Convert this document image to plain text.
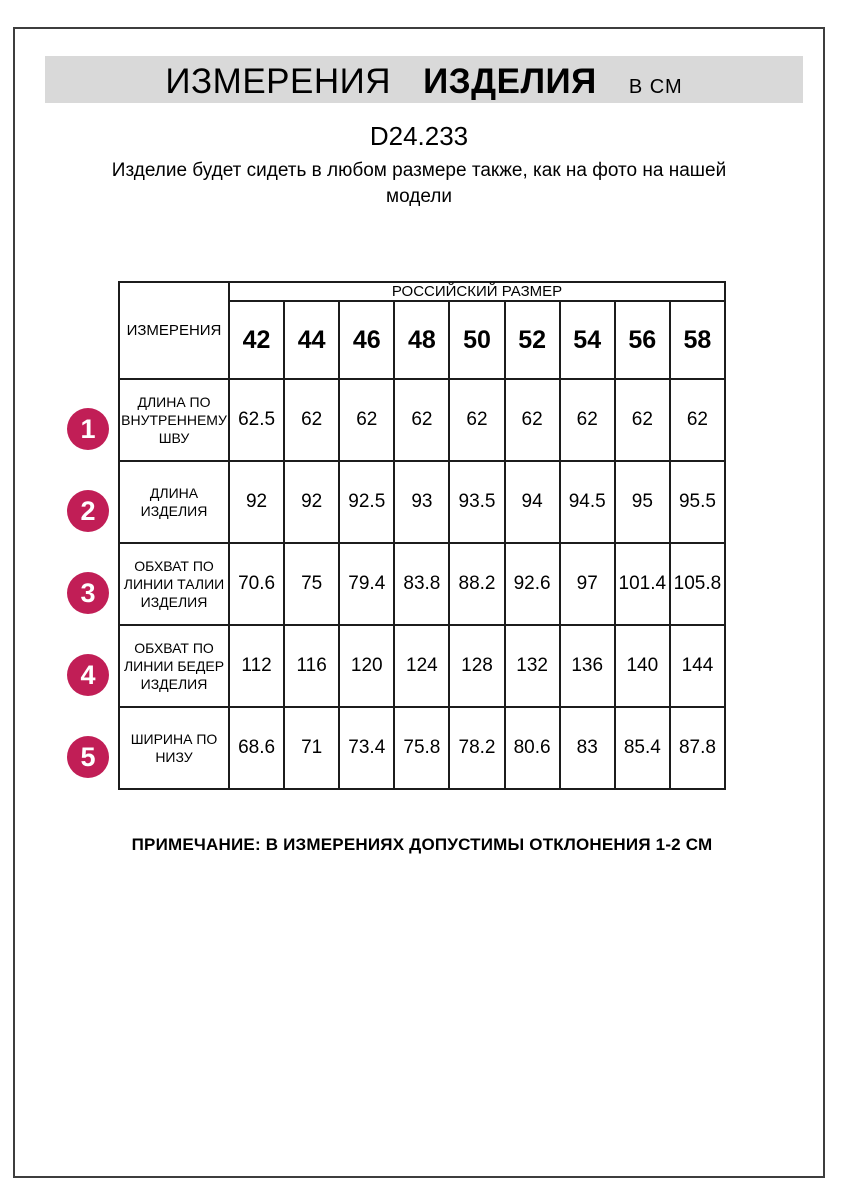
ИЗМЕРЕНИЯ ИЗДЕЛИЯ В СМ
D24.233
Изделие будет сидеть в любом размере также, как на фото на нашей модели
ИЗМЕРЕНИЯ	РОССИЙСКИЙ РАЗМЕР								
	42	44	46	48	50	52	54	56	58
ДЛИНА ПО ВНУТРЕННЕМУ ШВУ	62.5	62	62	62	62	62	62	62	62
ДЛИНА ИЗДЕЛИЯ	92	92	92.5	93	93.5	94	94.5	95	95.5
ОБХВАТ ПО ЛИНИИ ТАЛИИ ИЗДЕЛИЯ	70.6	75	79.4	83.8	88.2	92.6	97	101.4	105.8
ОБХВАТ ПО ЛИНИИ БЕДЕР ИЗДЕЛИЯ	112	116	120	124	128	132	136	140	144
ШИРИНА ПО НИЗУ	68.6	71	73.4	75.8	78.2	80.6	83	85.4	87.8
1
2
3
4
5
ПРИМЕЧАНИЕ: В ИЗМЕРЕНИЯХ ДОПУСТИМЫ ОТКЛОНЕНИЯ 1-2 СМ
